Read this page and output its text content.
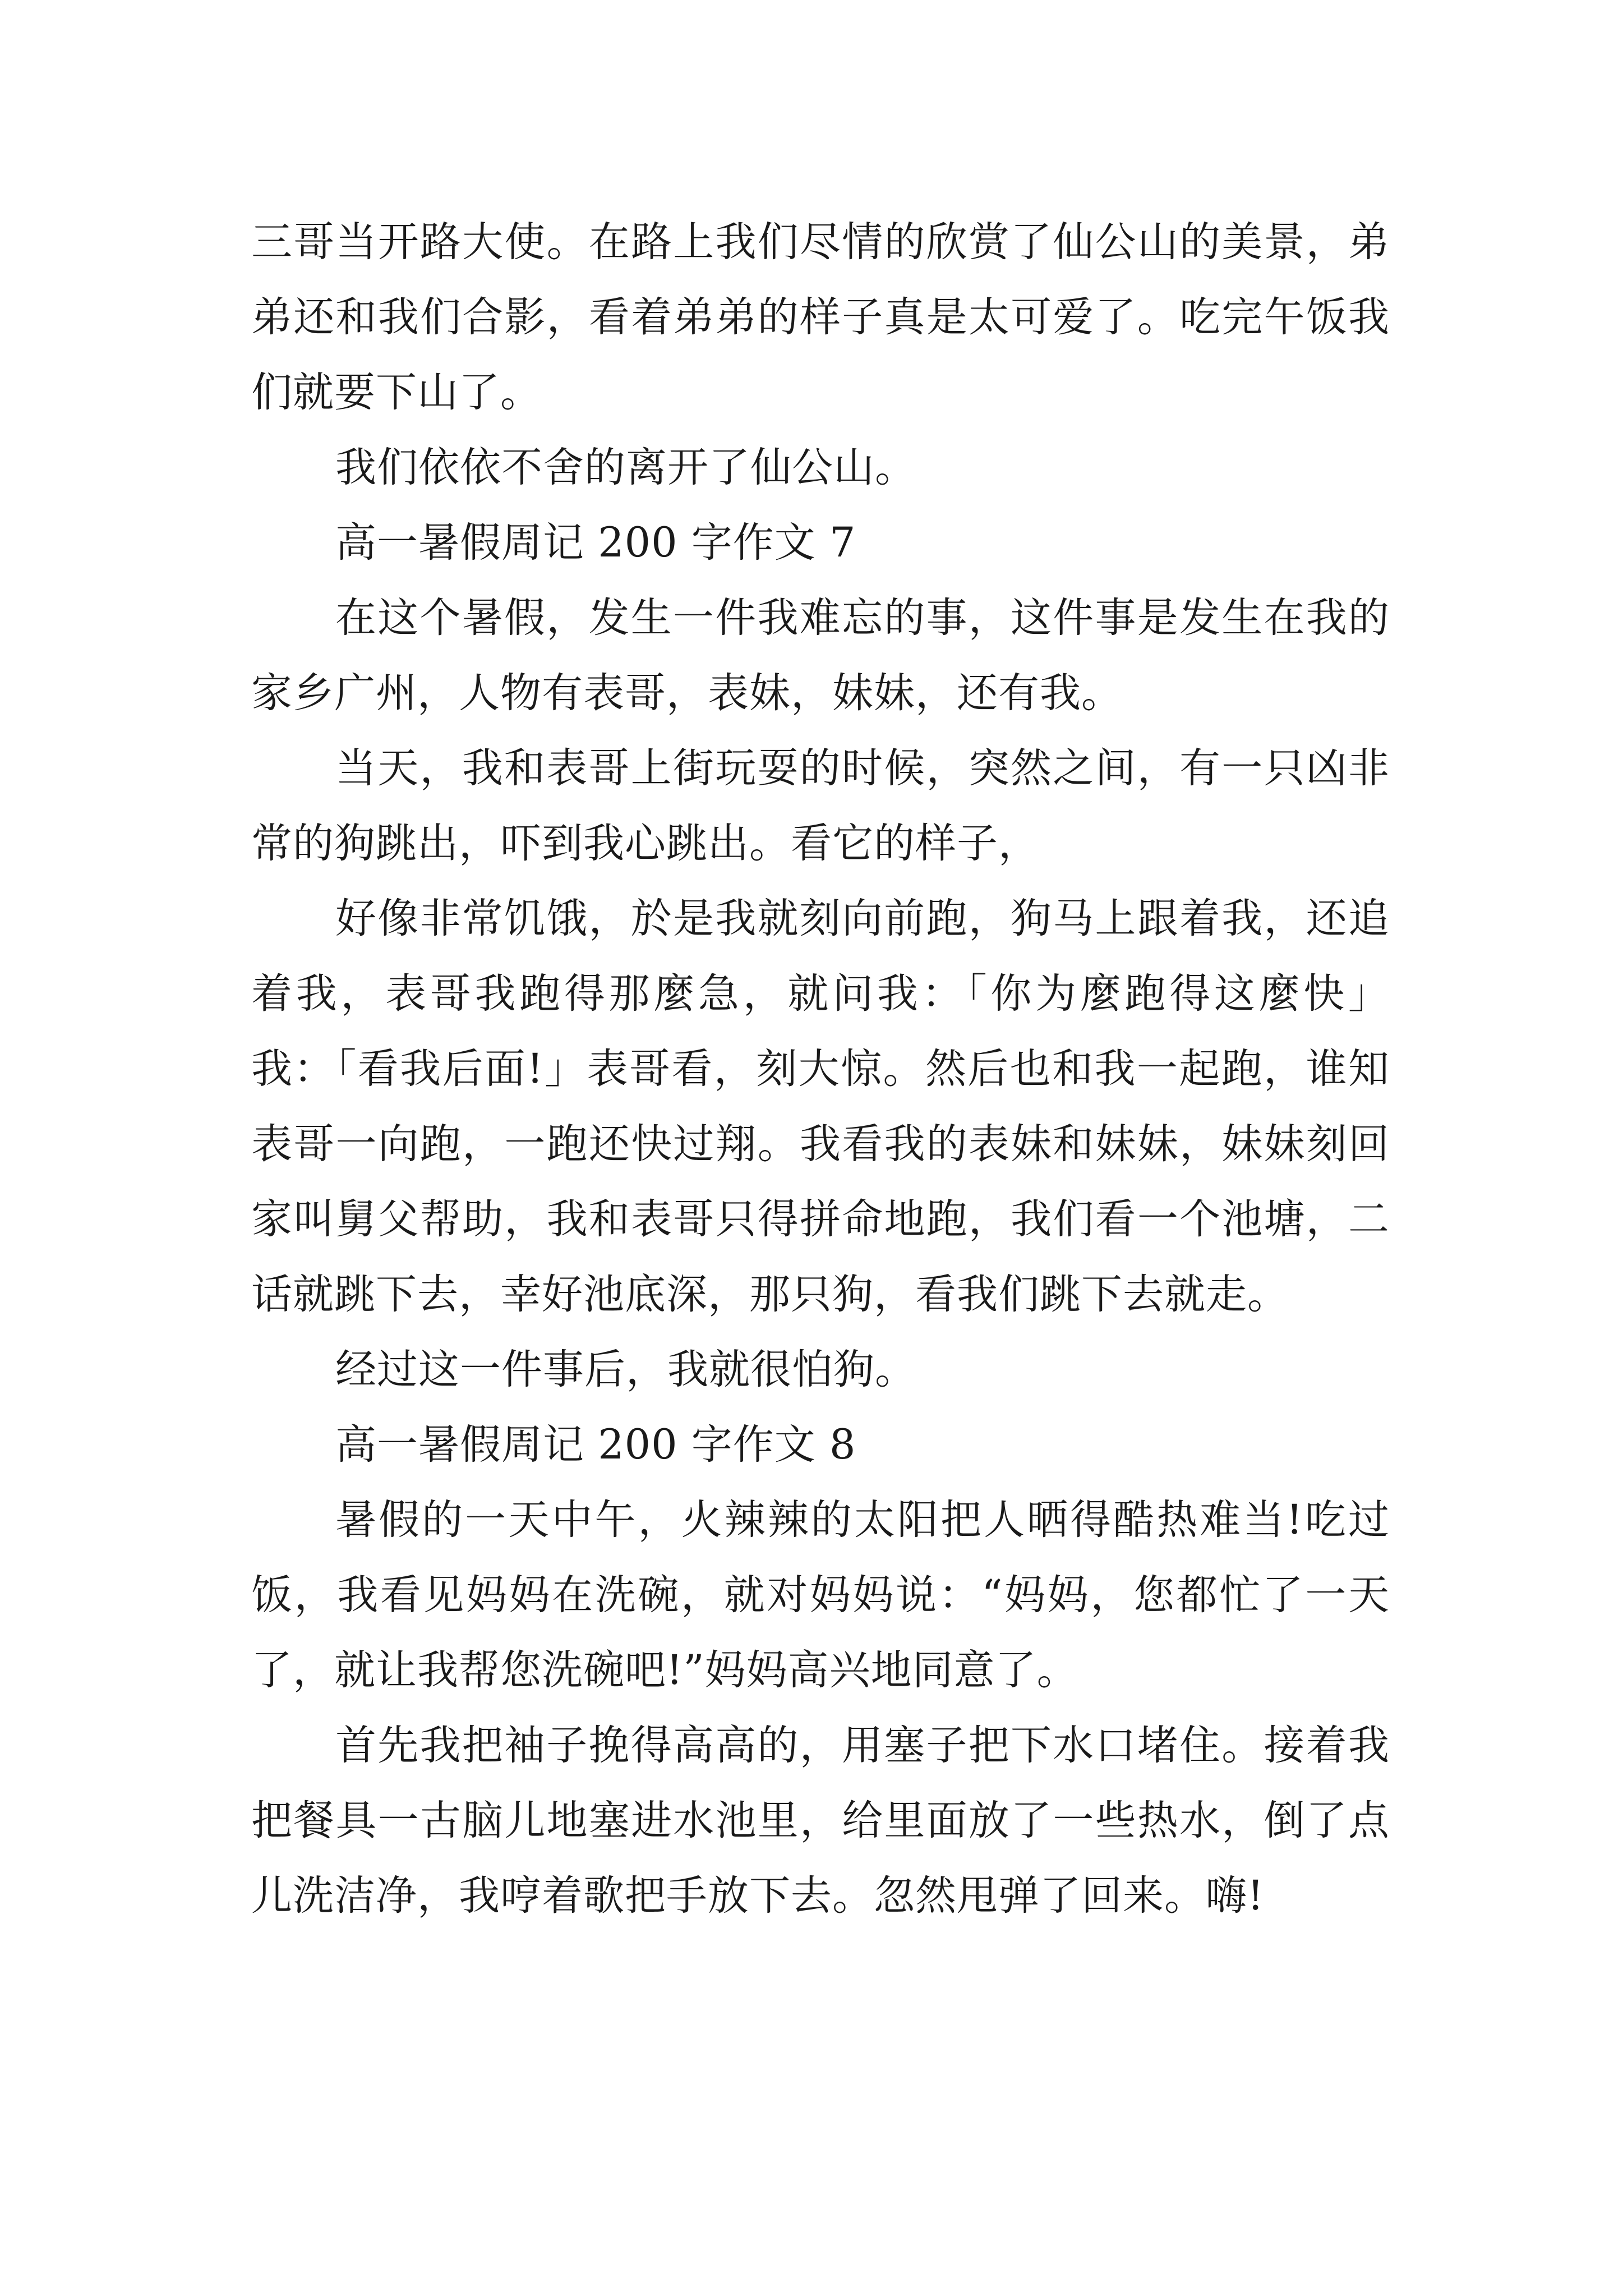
三哥当开路大使。在路上我们尽情的欣赏了仙公山的美景，弟弟还和我们合影，看着弟弟的样子真是太可爱了。吃完午饭我们就要下山了。

我们依依不舍的离开了仙公山。

高一暑假周记 200 字作文 7

在这个暑假，发生一件我难忘的事，这件事是发生在我的家乡广州，人物有表哥，表妹，妹妹，还有我。

当天，我和表哥上街玩耍的时候，突然之间，有一只凶非常的狗跳出，吓到我心跳出。看它的样子，

好像非常饥饿，於是我就刻向前跑，狗马上跟着我，还追着我，表哥我跑得那麼急，就问我：「你为麼跑得这麼快」我：「看我后面!」表哥看，刻大惊。然后也和我一起跑，谁知表哥一向跑，一跑还快过翔。我看我的表妹和妹妹，妹妹刻回家叫舅父帮助，我和表哥只得拼命地跑，我们看一个池塘，二话就跳下去，幸好池底深，那只狗，看我们跳下去就走。

经过这一件事后，我就很怕狗。

高一暑假周记 200 字作文 8

暑假的一天中午，火辣辣的太阳把人晒得酷热难当!吃过饭，我看见妈妈在洗碗，就对妈妈说：“妈妈，您都忙了一天了，就让我帮您洗碗吧!”妈妈高兴地同意了。

首先我把袖子挽得高高的，用塞子把下水口堵住。接着我把餐具一古脑儿地塞进水池里，给里面放了一些热水，倒了点儿洗洁净，我哼着歌把手放下去。忽然甩弹了回来。嗨!
